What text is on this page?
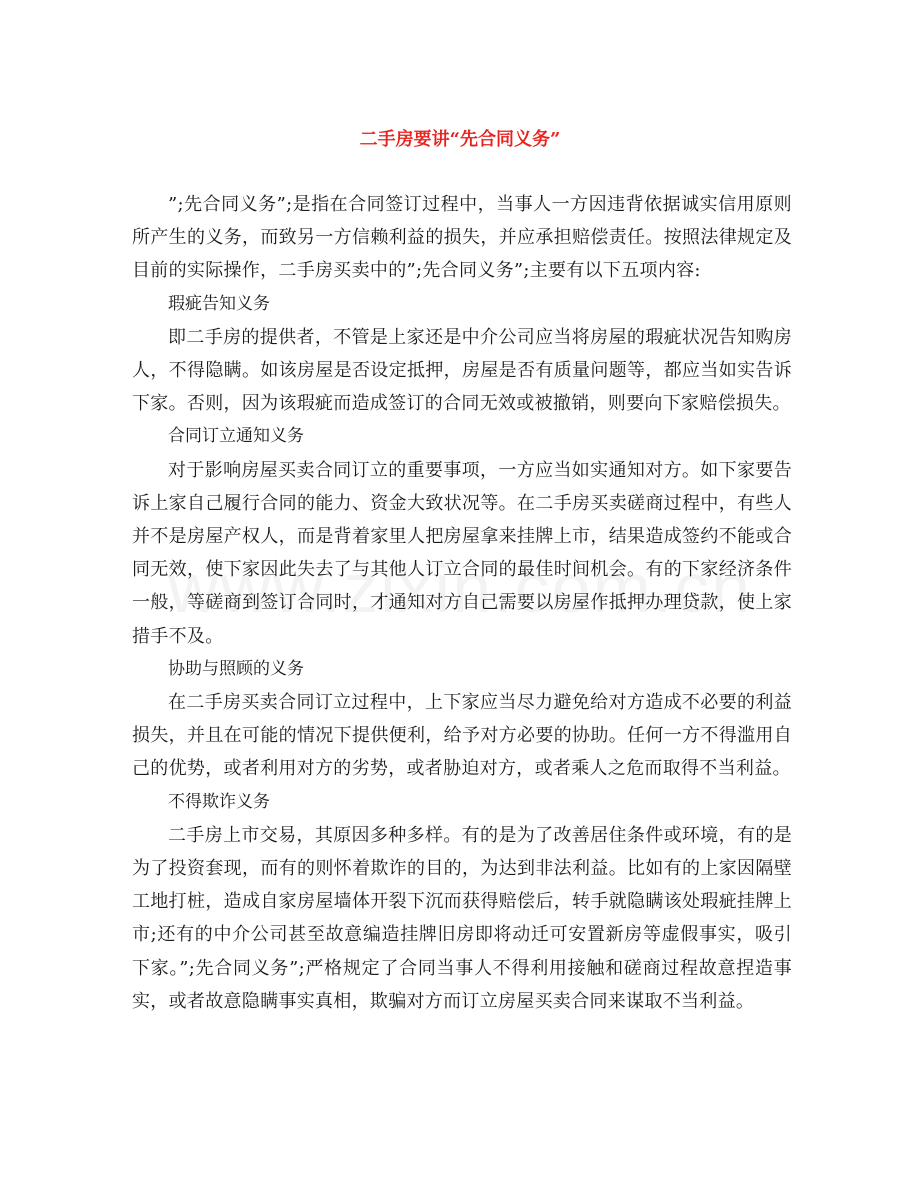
二手房要讲“先合同义务”

”;先合同义务”;是指在合同签订过程中，当事人一方因违背依据诚实信用原则所产生的义务，而致另一方信赖利益的损失，并应承担赔偿责任。按照法律规定及目前的实际操作，二手房买卖中的”;先合同义务”;主要有以下五项内容:

瑕疵告知义务

即二手房的提供者，不管是上家还是中介公司应当将房屋的瑕疵状况告知购房人，不得隐瞒。如该房屋是否设定抵押，房屋是否有质量问题等，都应当如实告诉下家。否则，因为该瑕疵而造成签订的合同无效或被撤销，则要向下家赔偿损失。

合同订立通知义务

对于影响房屋买卖合同订立的重要事项，一方应当如实通知对方。如下家要告诉上家自己履行合同的能力、资金大致状况等。在二手房买卖磋商过程中，有些人并不是房屋产权人，而是背着家里人把房屋拿来挂牌上市，结果造成签约不能或合同无效，使下家因此失去了与其他人订立合同的最佳时间机会。有的下家经济条件一般，等磋商到签订合同时，才通知对方自己需要以房屋作抵押办理贷款，使上家措手不及。

协助与照顾的义务

在二手房买卖合同订立过程中，上下家应当尽力避免给对方造成不必要的利益损失，并且在可能的情况下提供便利，给予对方必要的协助。任何一方不得滥用自己的优势，或者利用对方的劣势，或者胁迫对方，或者乘人之危而取得不当利益。

不得欺诈义务

二手房上市交易，其原因多种多样。有的是为了改善居住条件或环境，有的是为了投资套现，而有的则怀着欺诈的目的，为达到非法利益。比如有的上家因隔壁工地打桩，造成自家房屋墙体开裂下沉而获得赔偿后，转手就隐瞒该处瑕疵挂牌上市;还有的中介公司甚至故意编造挂牌旧房即将动迁可安置新房等虚假事实，吸引下家。”;先合同义务”;严格规定了合同当事人不得利用接触和磋商过程故意捏造事实，或者故意隐瞒事实真相，欺骗对方而订立房屋买卖合同来谋取不当利益。
